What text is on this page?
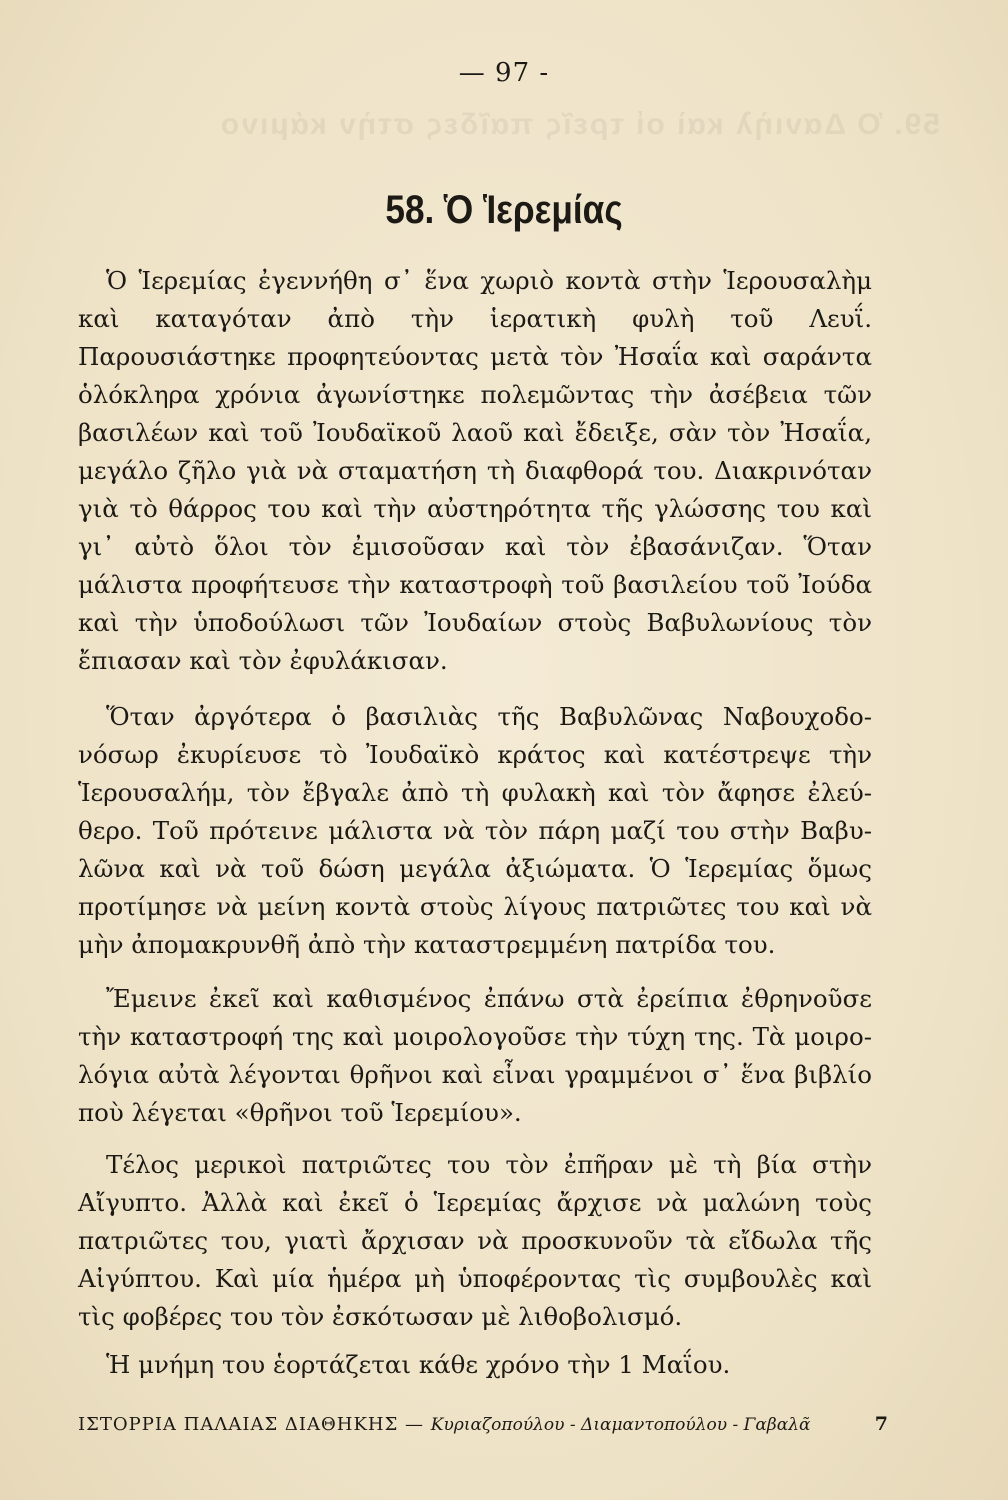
59. Ὁ Δανιὴλ καὶ οἱ τρεῖς παῖδες στὴν κάμινο
— 97 -
58. Ὁ Ἱερεμίας

Ὁ Ἱερεμίας ἐγεννήθη σ᾽ ἕνα χωριὸ κοντὰ στὴν Ἱερουσαλὴμ καὶ καταγόταν ἀπὸ τὴν ἱερατικὴ φυλὴ τοῦ Λευΐ. Παρουσιάστηκε προφητεύοντας μετὰ τὸν Ἠσαΐα καὶ σαράντα ὁλόκληρα χρόνια ἀγωνίστηκε πολεμῶντας τὴν ἀσέβεια τῶν βασιλέων καὶ τοῦ Ἰουδαϊκοῦ λαοῦ καὶ ἔδειξε, σὰν τὸν Ἠσαΐα, μεγάλο ζῆλο γιὰ νὰ σταματήση τὴ διαφθορά του. Διακρινόταν γιὰ τὸ θάρρος του καὶ τὴν αὐστηρότητα τῆς γλώσσης του καὶ γι᾽ αὐτὸ ὅλοι τὸν ἐμισοῦσαν καὶ τὸν ἐβασάνιζαν. Ὅταν μάλιστα προφήτευσε τὴν καταστροφὴ τοῦ βασιλείου τοῦ Ἰούδα καὶ τὴν ὑποδούλωσι τῶν Ἰουδαίων στοὺς Βαβυλωνίους τὸν ἔπιασαν καὶ τὸν ἐφυλάκισαν.

Ὅταν ἀργότερα ὁ βασιλιὰς τῆς Βαβυλῶνας Ναβουχοδονόσωρ ἐκυρίευσε τὸ Ἰουδαϊκὸ κράτος καὶ κατέστρεψε τὴν Ἱερουσαλήμ, τὸν ἔβγαλε ἀπὸ τὴ φυλακὴ καὶ τὸν ἄφησε ἐλεύθερο. Τοῦ πρότεινε μάλιστα νὰ τὸν πάρη μαζί του στὴν Βαβυλῶνα καὶ νὰ τοῦ δώση μεγάλα ἀξιώματα. Ὁ Ἱερεμίας ὅμως προτίμησε νὰ μείνη κοντὰ στοὺς λίγους πατριῶτες του καὶ νὰ μὴν ἀπομακρυνθῆ ἀπὸ τὴν καταστρεμμένη πατρίδα του.

Ἔμεινε ἐκεῖ καὶ καθισμένος ἐπάνω στὰ ἐρείπια ἐθρηνοῦσε τὴν καταστροφή της καὶ μοιρολογοῦσε τὴν τύχη της. Τὰ μοιρολόγια αὐτὰ λέγονται θρῆνοι καὶ εἶναι γραμμένοι σ᾽ ἕνα βιβλίο ποὺ λέγεται «θρῆνοι τοῦ Ἱερεμίου».

Τέλος μερικοὶ πατριῶτες του τὸν ἐπῆραν μὲ τὴ βία στὴν Αἴγυπτο. Ἀλλὰ καὶ ἐκεῖ ὁ Ἱερεμίας ἄρχισε νὰ μαλώνη τοὺς πατριῶτες του, γιατὶ ἄρχισαν νὰ προσκυνοῦν τὰ εἴδωλα τῆς Αἰγύπτου. Καὶ μία ἡμέρα μὴ ὑποφέροντας τὶς συμβουλὲς καὶ τὶς φοβέρες του τὸν ἐσκότωσαν μὲ λιθοβολισμό.

Ἡ μνήμη του ἑορτάζεται κάθε χρόνο τὴν 1 Μαΐου.

ΙΣΤΟΡΡΙΑ ΠΑΛΑΙΑΣ ΔΙΑΘΗΚΗΣ — Κυριαζοπούλου - Διαμαντοπούλου - Γαβαλᾶ	7
